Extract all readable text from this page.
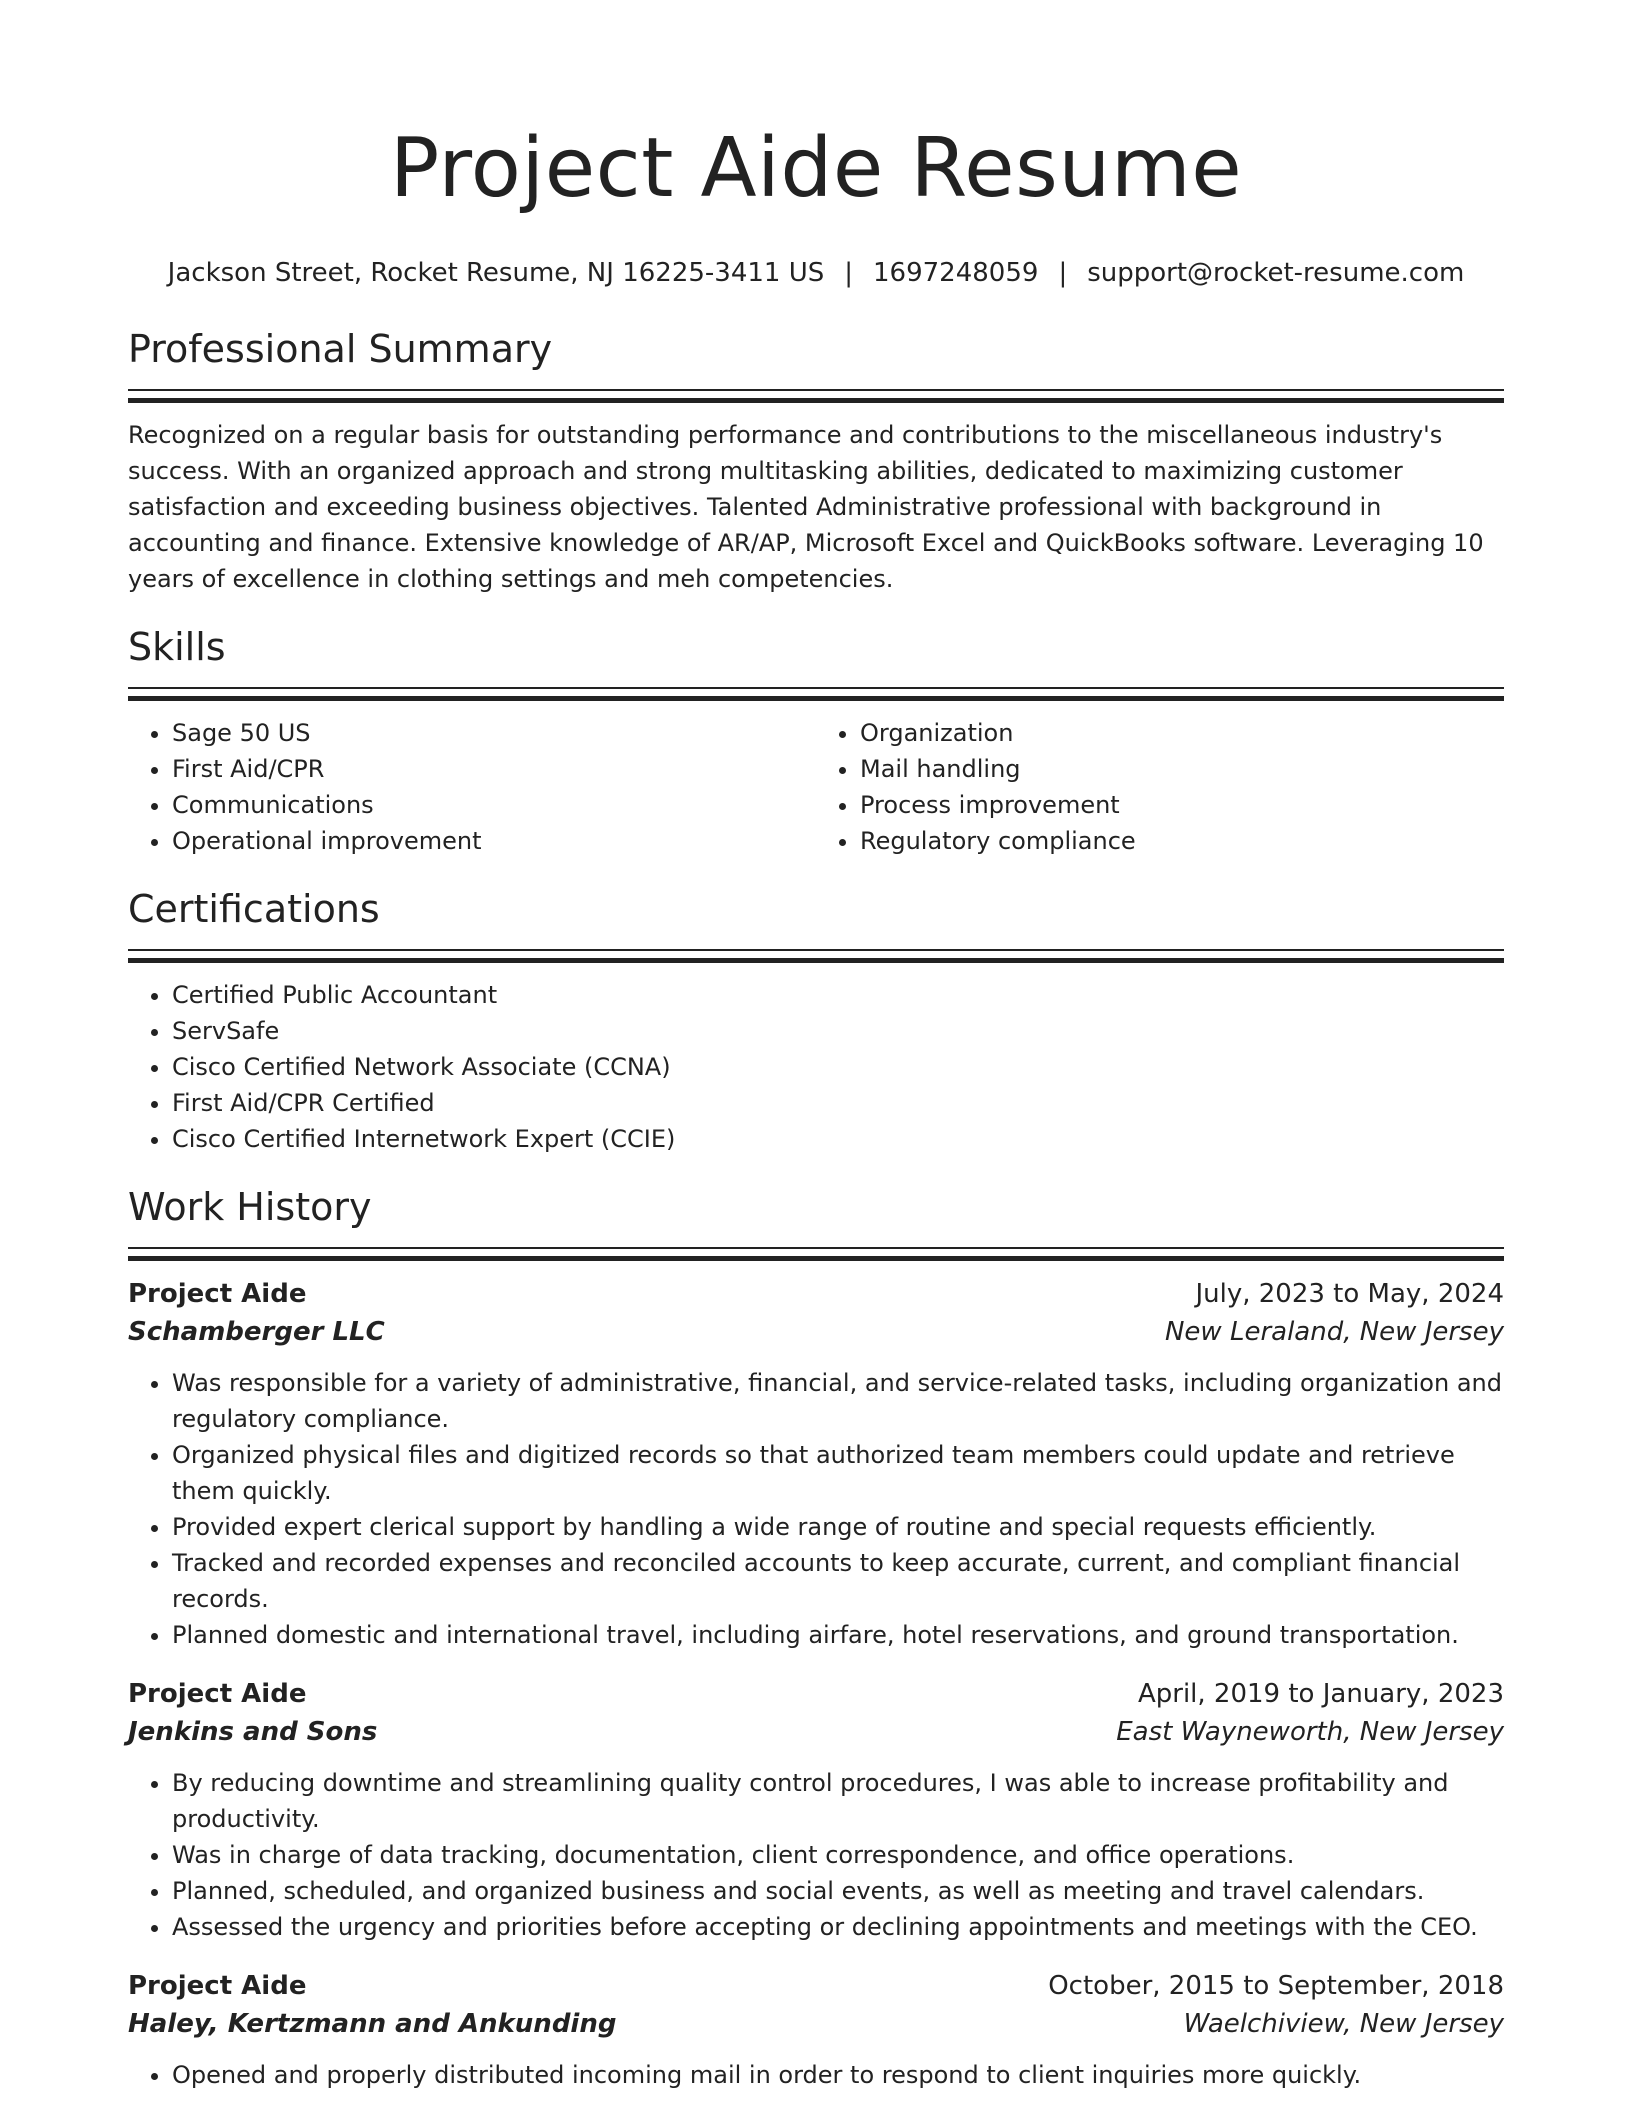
Project Aide Resume
Jackson Street, Rocket Resume, NJ 16225-3411 US | 1697248059 | support@rocket-resume.com
Professional Summary

Recognized on a regular basis for outstanding performance and contributions to the miscellaneous industry's success. With an organized approach and strong multitasking abilities, dedicated to maximizing customer satisfaction and exceeding business objectives. Talented Administrative professional with background in accounting and finance. Extensive knowledge of AR/AP, Microsoft Excel and QuickBooks software. Leveraging 10 years of excellence in clothing settings and meh competencies.

Skills
• Sage 50 US
• First Aid/CPR
• Communications
• Operational improvement
• Organization
• Mail handling
• Process improvement
• Regulatory compliance
Certifications
• Certified Public Accountant
• ServSafe
• Cisco Certified Network Associate (CCNA)
• First Aid/CPR Certified
• Cisco Certified Internetwork Expert (CCIE)
Work History
Project Aide	July, 2023 to May, 2024
Schamberger LLC	New Leraland, New Jersey
• Was responsible for a variety of administrative, financial, and service-related tasks, including organization and regulatory compliance.
• Organized physical files and digitized records so that authorized team members could update and retrieve them quickly.
• Provided expert clerical support by handling a wide range of routine and special requests efficiently.
• Tracked and recorded expenses and reconciled accounts to keep accurate, current, and compliant financial records.
• Planned domestic and international travel, including airfare, hotel reservations, and ground transportation.
Project Aide	April, 2019 to January, 2023
Jenkins and Sons	East Wayneworth, New Jersey
• By reducing downtime and streamlining quality control procedures, I was able to increase profitability and productivity.
• Was in charge of data tracking, documentation, client correspondence, and office operations.
• Planned, scheduled, and organized business and social events, as well as meeting and travel calendars.
• Assessed the urgency and priorities before accepting or declining appointments and meetings with the CEO.
Project Aide	October, 2015 to September, 2018
Haley, Kertzmann and Ankunding	Waelchiview, New Jersey
• Opened and properly distributed incoming mail in order to respond to client inquiries more quickly.
